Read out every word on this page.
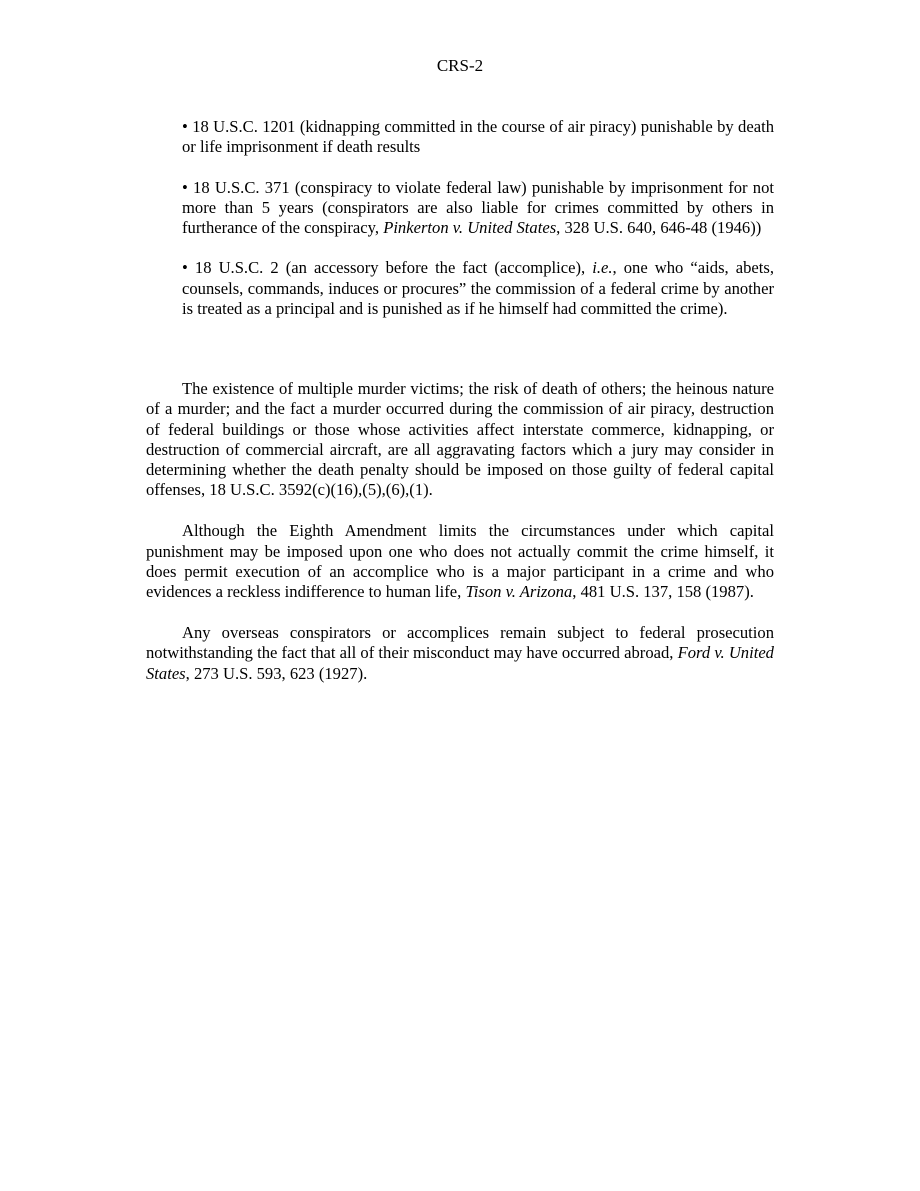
CRS-2

• 18 U.S.C. 1201 (kidnapping committed in the course of air piracy) punishable by death or life imprisonment if death results

• 18 U.S.C. 371 (conspiracy to violate federal law) punishable by imprisonment for not more than 5 years (conspirators are also liable for crimes committed by others in furtherance of the conspiracy, Pinkerton v. United States, 328 U.S. 640, 646-48 (1946))

• 18 U.S.C. 2 (an accessory before the fact (accomplice), i.e., one who “aids, abets, counsels, commands, induces or procures” the commission of a federal crime by another is treated as a principal and is punished as if he himself had committed the crime).

The existence of multiple murder victims; the risk of death of others; the heinous nature of a murder; and the fact a murder occurred during the commission of air piracy, destruction of federal buildings or those whose activities affect interstate commerce, kidnapping, or destruction of commercial aircraft, are all aggravating factors which a jury may consider in determining whether the death penalty should be imposed on those guilty of federal capital offenses, 18 U.S.C. 3592(c)(16),(5),(6),(1).

Although the Eighth Amendment limits the circumstances under which capital punishment may be imposed upon one who does not actually commit the crime himself, it does permit execution of an accomplice who is a major participant in a crime and who evidences a reckless indifference to human life, Tison v. Arizona, 481 U.S. 137, 158 (1987).

Any overseas conspirators or accomplices remain subject to federal prosecution notwithstanding the fact that all of their misconduct may have occurred abroad, Ford v. United States, 273 U.S. 593, 623 (1927).
